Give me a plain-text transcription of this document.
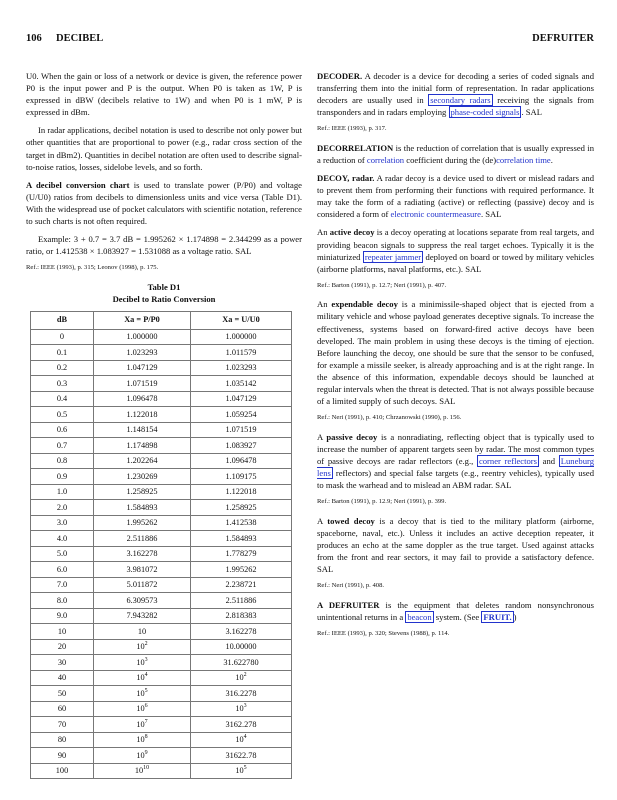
106 DECIBEL	DEFRUITER

U0. When the gain or loss of a network or device is given, the reference power P0 is the input power and P is the output. When P0 is taken as 1W, P is expressed in dBW (decibels relative to 1W) and when P0 is 1 mW, P is expressed in dBm.

In radar applications, decibel notation is used to describe not only power but other quantities that are proportional to power (e.g., radar cross section of the target in dBm2). Quantities in decibel notation are often used to describe signal-to-noise ratios, losses, sidelobe levels, and so forth.

A decibel conversion chart is used to translate power (P/P0) and voltage (U/U0) ratios from decibels to dimensionless units and vice versa (Table D1). With the widespread use of pocket calculators with scientific notation, reference to such charts is not often required.

Example: 3 + 0.7 = 3.7 dB = 1.995262 × 1.174898 = 2.344299 as a power ratio, or 1.412538 × 1.083927 = 1.531088 as a voltage ratio. SAL

Ref.: IEEE (1993), p. 315; Leonov (1998), p. 175.
Table D1
Decibel to Ratio Conversion
dB	Xa = P/P0	Xa = U/U0
0	1.000000	1.000000
0.1	1.023293	1.011579
0.2	1.047129	1.023293
0.3	1.071519	1.035142
0.4	1.096478	1.047129
0.5	1.122018	1.059254
0.6	1.148154	1.071519
0.7	1.174898	1.083927
0.8	1.202264	1.096478
0.9	1.230269	1.109175
1.0	1.258925	1.122018
2.0	1.584893	1.258925
3.0	1.995262	1.412538
4.0	2.511886	1.584893
5.0	3.162278	1.778279
6.0	3.981072	1.995262
7.0	5.011872	2.238721
8.0	6.309573	2.511886
9.0	7.943282	2.818383
10	10	3.162278
20	$10^2$	10.00000
30	$10^3$	31.622780
40	$10^4$	$10^2$
50	$10^5$	316.2278
60	$10^6$	$10^3$
70	$10^7$	3162.278
80	$10^8$	$10^4$
90	$10^9$	31622.78
100	$10^{10}$	$10^5$

DECODER. A decoder is a device for decoding a series of coded signals and transferring them into the initial form of representation. In radar applications decoders are usually used in secondary radars receiving the signals from transponders and in radars employing phase-coded signals . SAL

Ref.: IEEE (1993), p. 317.

DECORRELATION is the reduction of correlation that is usually expressed in a reduction of correlation coefficient during the (de)correlation time.

DECOY, radar. A radar decoy is a device used to divert or mislead radars and to prevent them from performing their functions with required performance. It may take the form of a radiating (active) or reflecting (passive) decoy and is considered a form of electronic countermeasure. SAL

An active decoy is a decoy operating at locations separate from real targets, and providing beacon signals to suppress the real target echoes. Typically it is the miniaturized repeater jammer deployed on board or towed by military vehicles (airborne platforms, naval platforms, etc.). SAL

Ref.: Barton (1991), p. 12.7; Neri (1991), p. 407.

An expendable decoy is a minimissile-shaped object that is ejected from a military vehicle and whose payload generates deceptive signals. To increase the effectiveness, systems based on forward-fired active decoys have been developed. The main problem in using these decoys is the timing of ejection. Before launching the decoy, one should be sure that the sensor to be confused, for example a missile seeker, is already approaching and is at the right range. In the absence of this information, expendable decoys should be launched at regular intervals when the threat is detected. That is not always possible because of a limited supply of such decoys. SAL

Ref.: Neri (1991), p. 410; Chrzanowski (1990), p. 156.

A passive decoy is a nonradiating, reflecting object that is typically used to increase the number of apparent targets seen by radar. The most common types of passive decoys are radar reflectors (e.g., corner reflectors and Luneburg lens reflectors) and special false targets (e.g., reentry vehicles), typically used to mask the warhead and to mislead an ABM radar. SAL

Ref.: Barton (1991), p. 12.9; Neri (1991), p. 399.

A towed decoy is a decoy that is tied to the military platform (airborne, spaceborne, naval, etc.). Unless it includes an active deception repeater, it produces an echo at the same doppler as the true target. Used against attacks from the front and rear sectors, it may fail to provide a satisfactory defence. SAL

Ref.: Neri (1991), p. 408.

A DEFRUITER is the equipment that deletes random nonsynchronous unintentional returns in a beacon system. (See FRUIT. )

Ref.: IEEE (1993), p. 320; Stevens (1988), p. 114.
